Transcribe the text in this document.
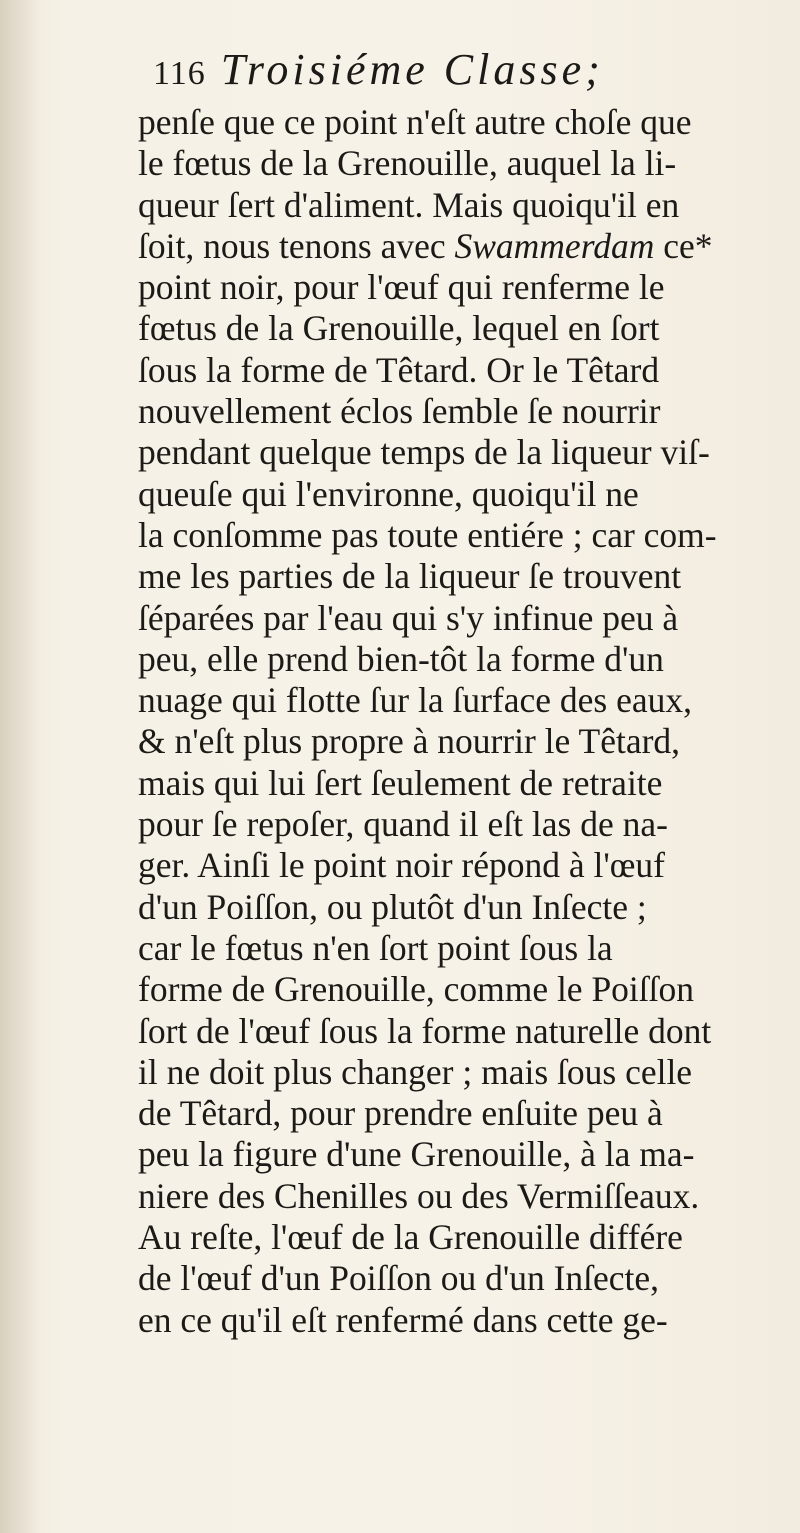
116 Troisiéme Classe;
penſe que ce point n'eſt autre choſe que
le fœtus de la Grenouille, auquel la li-
queur ſert d'aliment. Mais quoiqu'il en
ſoit, nous tenons avec Swammerdam ce*
point noir, pour l'œuf qui renferme le
fœtus de la Grenouille, lequel en ſort
ſous la forme de Têtard. Or le Têtard
nouvellement éclos ſemble ſe nourrir
pendant quelque temps de la liqueur viſ-
queuſe qui l'environne, quoiqu'il ne
la conſomme pas toute entiére ; car com-
me les parties de la liqueur ſe trouvent
ſéparées par l'eau qui s'y infinue peu à
peu, elle prend bien-tôt la forme d'un
nuage qui flotte ſur la ſurface des eaux,
& n'eſt plus propre à nourrir le Têtard,
mais qui lui ſert ſeulement de retraite
pour ſe repoſer, quand il eſt las de na-
ger. Ainſi le point noir répond à l'œuf
d'un Poiſſon, ou plutôt d'un Inſecte ;
car le fœtus n'en ſort point ſous la
forme de Grenouille, comme le Poiſſon
ſort de l'œuf ſous la forme naturelle dont
il ne doit plus changer ; mais ſous celle
de Têtard, pour prendre enſuite peu à
peu la figure d'une Grenouille, à la ma-
niere des Chenilles ou des Vermiſſeaux.
Au reſte, l'œuf de la Grenouille différe
de l'œuf d'un Poiſſon ou d'un Inſecte,
en ce qu'il eſt renfermé dans cette ge-
